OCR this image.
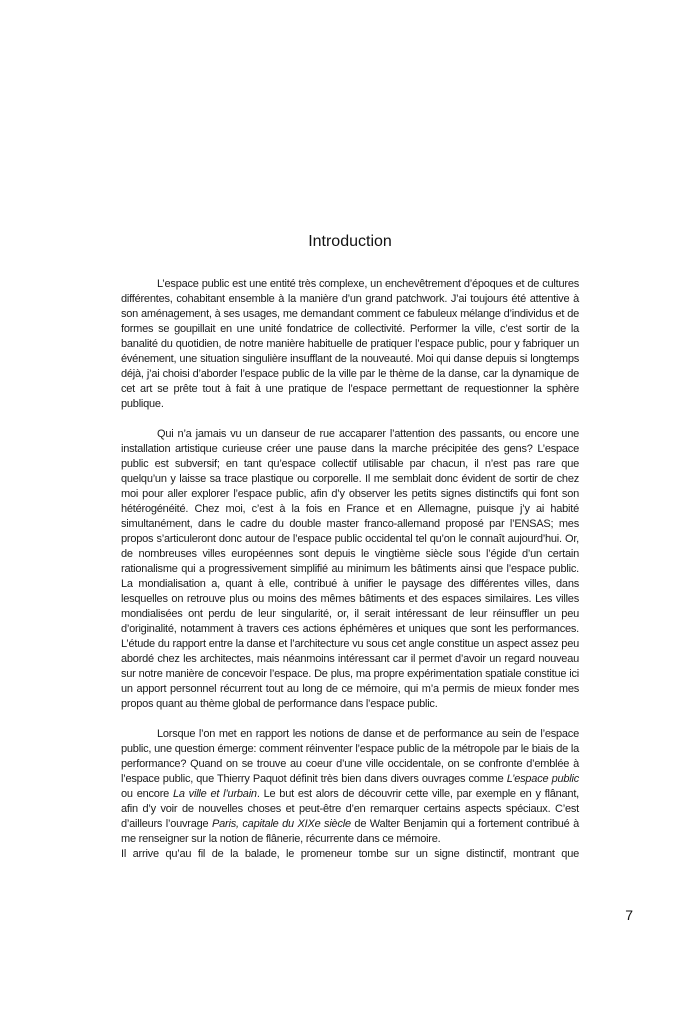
Introduction

L’espace public est une entité très complexe, un enchevêtrement d’époques et de cultures différentes, cohabitant ensemble à la manière d’un grand patchwork. J’ai toujours été attentive à son aménagement, à ses usages, me demandant comment ce fabuleux mélange d’individus et de formes se goupillait en une unité fondatrice de collectivité. Performer la ville, c’est sortir de la banalité du quotidien, de notre manière habituelle de pratiquer l’espace public, pour y fabriquer un événement, une situation singulière insufflant de la nouveauté. Moi qui danse depuis si longtemps déjà, j’ai choisi d’aborder l’espace public de la ville par le thème de la danse, car la dynamique de cet art se prête tout à fait à une pratique de l’espace permettant de requestionner la sphère publique.

Qui n’a jamais vu un danseur de rue accaparer l’attention des passants, ou encore une installation artistique curieuse créer une pause dans la marche précipitée des gens? L’espace public est subversif; en tant qu’espace collectif utilisable par chacun, il n’est pas rare que quelqu’un y laisse sa trace plastique ou corporelle. Il me semblait donc évident de sortir de chez moi pour aller explorer l’espace public, afin d’y observer les petits signes distinctifs qui font son hétérogénéité. Chez moi, c’est à la fois en France et en Allemagne, puisque j’y ai habité simultanément, dans le cadre du double master franco-allemand proposé par l’ENSAS; mes propos s’articuleront donc autour de l’espace public occidental tel qu’on le connaît aujourd’hui. Or, de nombreuses villes européennes sont depuis le vingtième siècle sous l’égide d’un certain rationalisme qui a progressivement simplifié au minimum les bâtiments ainsi que l’espace public. La mondialisation a, quant à elle, contribué à unifier le paysage des différentes villes, dans lesquelles on retrouve plus ou moins des mêmes bâtiments et des espaces similaires. Les villes mondialisées ont perdu de leur singularité, or, il serait intéressant de leur réinsuffler un peu d’originalité, notamment à travers ces actions éphémères et uniques que sont les performances. L’étude du rapport entre la danse et l’architecture vu sous cet angle constitue un aspect assez peu abordé chez les architectes, mais néanmoins intéressant car il permet d’avoir un regard nouveau sur notre manière de concevoir l’espace. De plus, ma propre expérimentation spatiale constitue ici un apport personnel récurrent tout au long de ce mémoire, qui m’a permis de mieux fonder mes propos quant au thème global de performance dans l’espace public.

Lorsque l’on met en rapport les notions de danse et de performance au sein de l’espace public, une question émerge: comment réinventer l’espace public de la métropole par le biais de la performance? Quand on se trouve au coeur d’une ville occidentale, on se confronte d’emblée à l’espace public, que Thierry Paquot définit très bien dans divers ouvrages comme L’espace public ou encore La ville et l’urbain. Le but est alors de découvrir cette ville, par exemple en y flânant, afin d’y voir de nouvelles choses et peut-être d’en remarquer certains aspects spéciaux. C’est d’ailleurs l’ouvrage Paris, capitale du XIXe siècle de Walter Benjamin qui a fortement contribué à me renseigner sur la notion de flânerie, récurrente dans ce mémoire.

Il arrive qu’au fil de la balade, le promeneur tombe sur un signe distinctif, montrant que

7
